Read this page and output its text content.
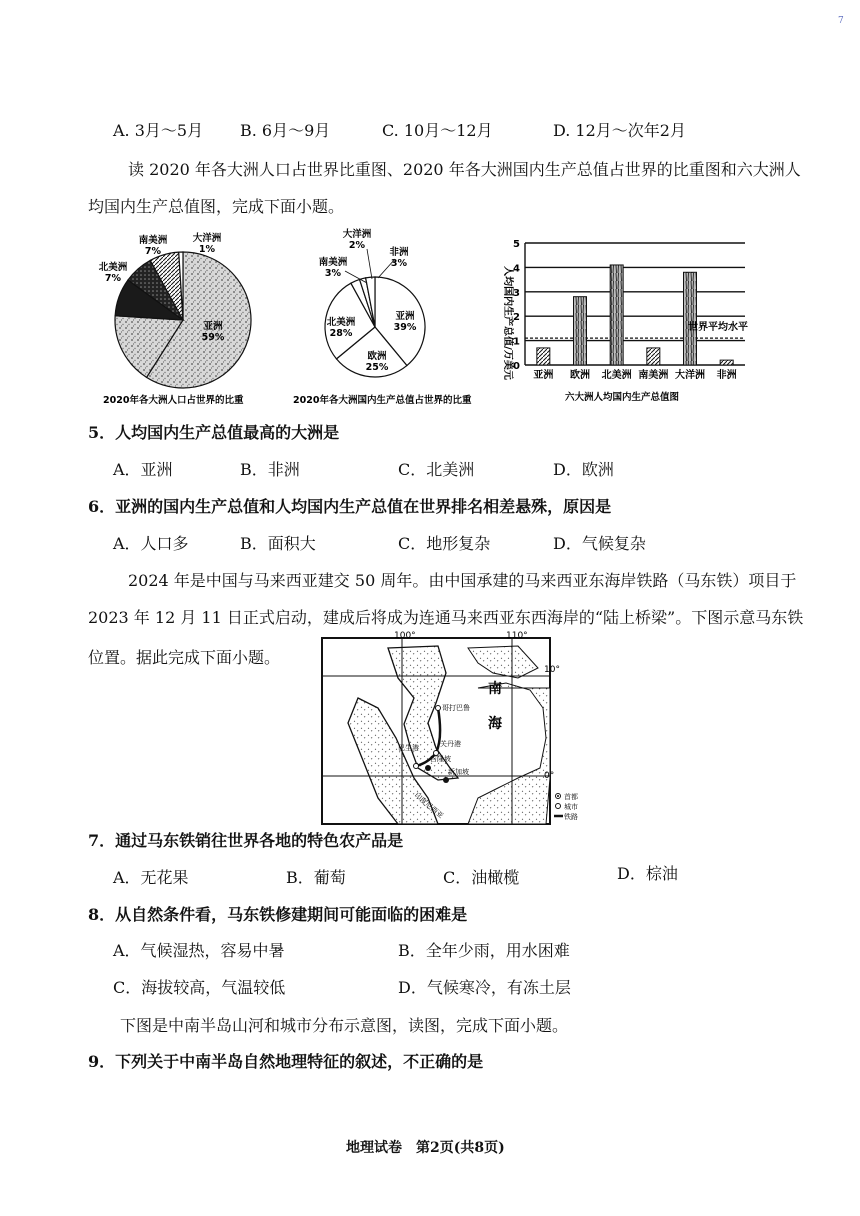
7
A. 3月～5月 B. 6月～9月	C. 10月～12月	D. 12月～次年2月
读 2020 年各大洲人口占世界比重图、2020 年各大洲国内生产总值占世界的比重图和六大洲人
均国内生产总值图，完成下面小题。
亚洲
59%
北美洲
7%
南美洲
7%
大洋洲
1%
2020年各大洲人口占世界的比重
亚洲
39%
欧洲
25%
北美洲
28%
南美洲
3%
大洋洲
2%
非洲
3%
2020年各大洲国内生产总值占世界的比重
0
1
2
3
4
5
亚洲 欧洲 北美洲 南美洲 大洋洲 非洲
世界平均水平
人均国内生产总值/万美元
六大洲人均国内生产总值图
5．人均国内生产总值最高的大洲是
A．亚洲	B．非洲	C．北美洲	D．欧洲
6．亚洲的国内生产总值和人均国内生产总值在世界排名相差悬殊，原因是
A．人口多	B．面积大	C．地形复杂	D．气候复杂
2024 年是中国与马来西亚建交 50 周年。由中国承建的马来西亚东海岸铁路（马东铁）项目于
2023 年 12 月 11 日正式启动，建成后将成为连通马来西亚东西海岸的“陆上桥梁”。下图示意马东铁
位置。据此完成下面小题。
100°	110°
10°
0°
南
海
哥打巴鲁
关丹港
巴生港
吉隆坡
新加坡
印度尼西亚	首都
城市
铁路
7．通过马东铁销往世界各地的特色农产品是
A．无花果	B．葡萄	C．油橄榄	D．棕油
8．从自然条件看，马东铁修建期间可能面临的困难是
A．气候湿热，容易中暑	B．全年少雨，用水困难
C．海拔较高，气温较低	D．气候寒冷，有冻土层
下图是中南半岛山河和城市分布示意图，读图，完成下面小题。
9．下列关于中南半岛自然地理特征的叙述，不正确的是
地理试卷　第2页(共8页)
